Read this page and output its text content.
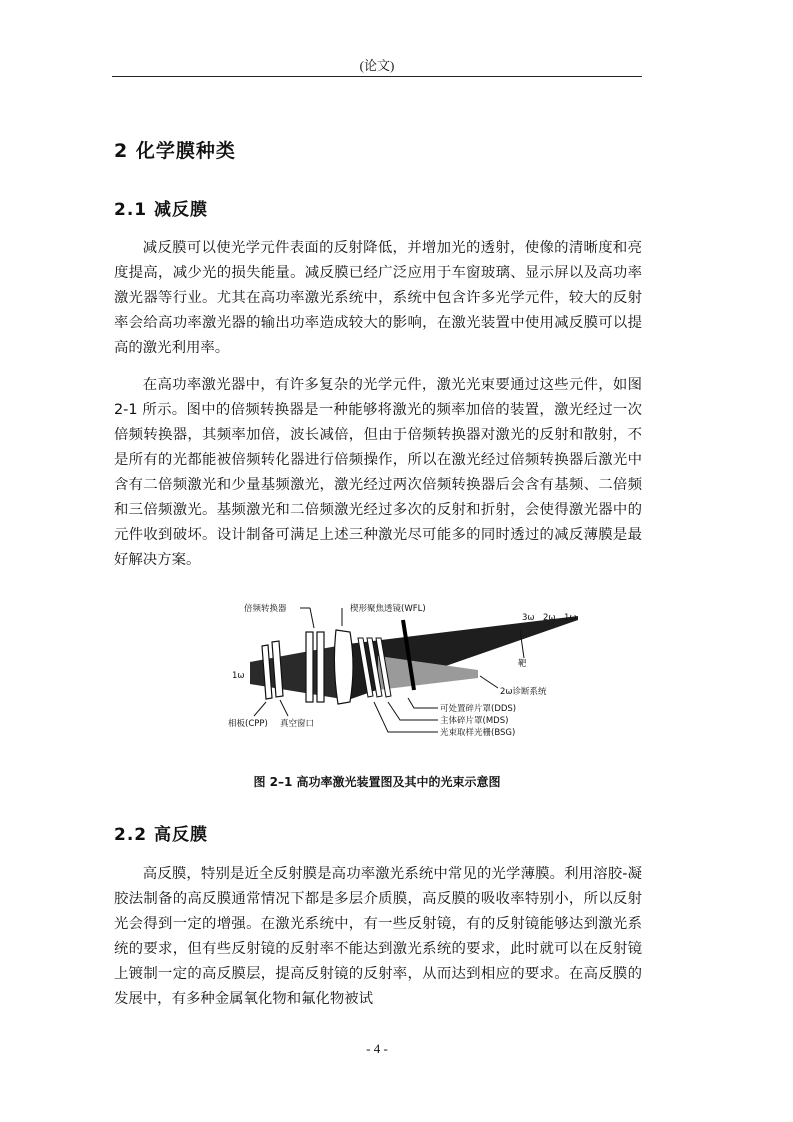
(论文)
2 化学膜种类
2.1 减反膜

减反膜可以使光学元件表面的反射降低，并增加光的透射，使像的清晰度和亮度提高，减少光的损失能量。减反膜已经广泛应用于车窗玻璃、显示屏以及高功率激光器等行业。尤其在高功率激光系统中，系统中包含许多光学元件，较大的反射率会给高功率激光器的输出功率造成较大的影响，在激光装置中使用减反膜可以提高的激光利用率。

在高功率激光器中，有许多复杂的光学元件，激光光束要通过这些元件，如图 2-1 所示。图中的倍频转换器是一种能够将激光的频率加倍的装置，激光经过一次倍频转换器，其频率加倍，波长减倍，但由于倍频转换器对激光的反射和散射，不是所有的光都能被倍频转化器进行倍频操作，所以在激光经过倍频转换器后激光中含有二倍频激光和少量基频激光，激光经过两次倍频转换器后会含有基频、二倍频和三倍频激光。基频激光和二倍频激光经过多次的反射和折射，会使得激光器中的元件收到破坏。设计制备可满足上述三种激光尽可能多的同时透过的减反薄膜是最好解决方案。

倍频转换器	楔形聚焦透镜(WFL)
3ω 2ω 1ω
1ω
靶
2ω诊断系统
可处置碎片罩(DDS)
主体碎片罩(MDS)
光束取样光栅(BSG)
相板(CPP) 真空窗口
图 2–1 高功率激光装置图及其中的光束示意图
2.2 高反膜

高反膜，特别是近全反射膜是高功率激光系统中常见的光学薄膜。利用溶胶-凝胶法制备的高反膜通常情况下都是多层介质膜，高反膜的吸收率特别小，所以反射光会得到一定的增强。在激光系统中，有一些反射镜，有的反射镜能够达到激光系统的要求，但有些反射镜的反射率不能达到激光系统的要求，此时就可以在反射镜上镀制一定的高反膜层，提高反射镜的反射率，从而达到相应的要求。在高反膜的发展中，有多种金属氧化物和氟化物被试

- 4 -
